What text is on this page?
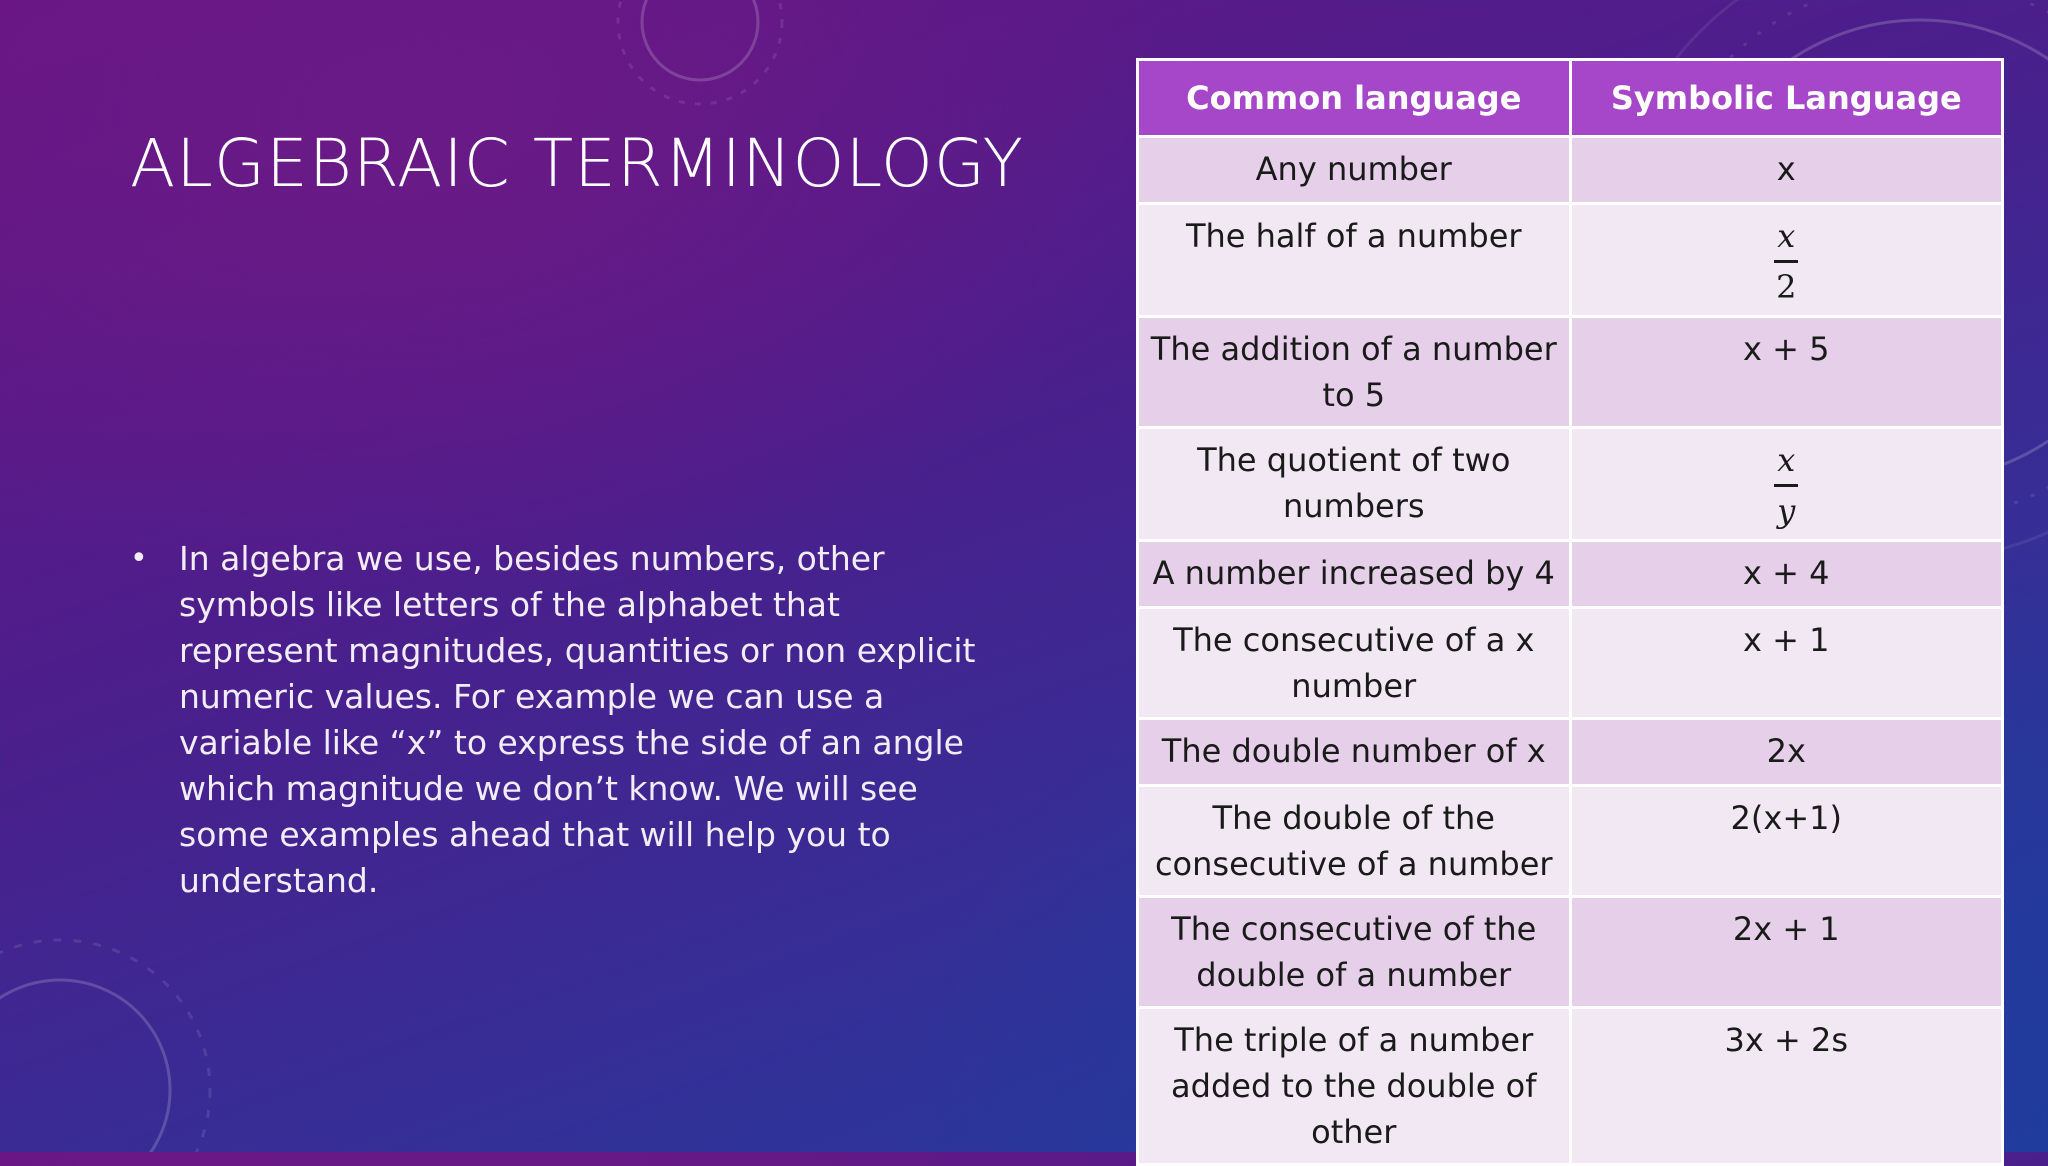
ALGEBRAIC TERMINOLOGY
• In algebra we use, besides numbers, other symbols like letters of the alphabet that represent magnitudes, quantities or non explicit numeric values. For example we can use a variable like “x” to express the side of an angle which magnitude we don’t know. We will see some examples ahead that will help you to understand.
Common language	Symbolic Language
Any number	x
The half of a number	$\frac{x}{2}$

The addition of a number to 5	x + 5
The quotient of two numbers	$\frac{x}{y}$

A number increased by 4	x + 4
The consecutive of a x number	x + 1
The double number of x	2x
The double of the consecutive of a number	2(x+1)
The consecutive of the double of a number	2x + 1
The triple of a number added to the double of other	3x + 2s
